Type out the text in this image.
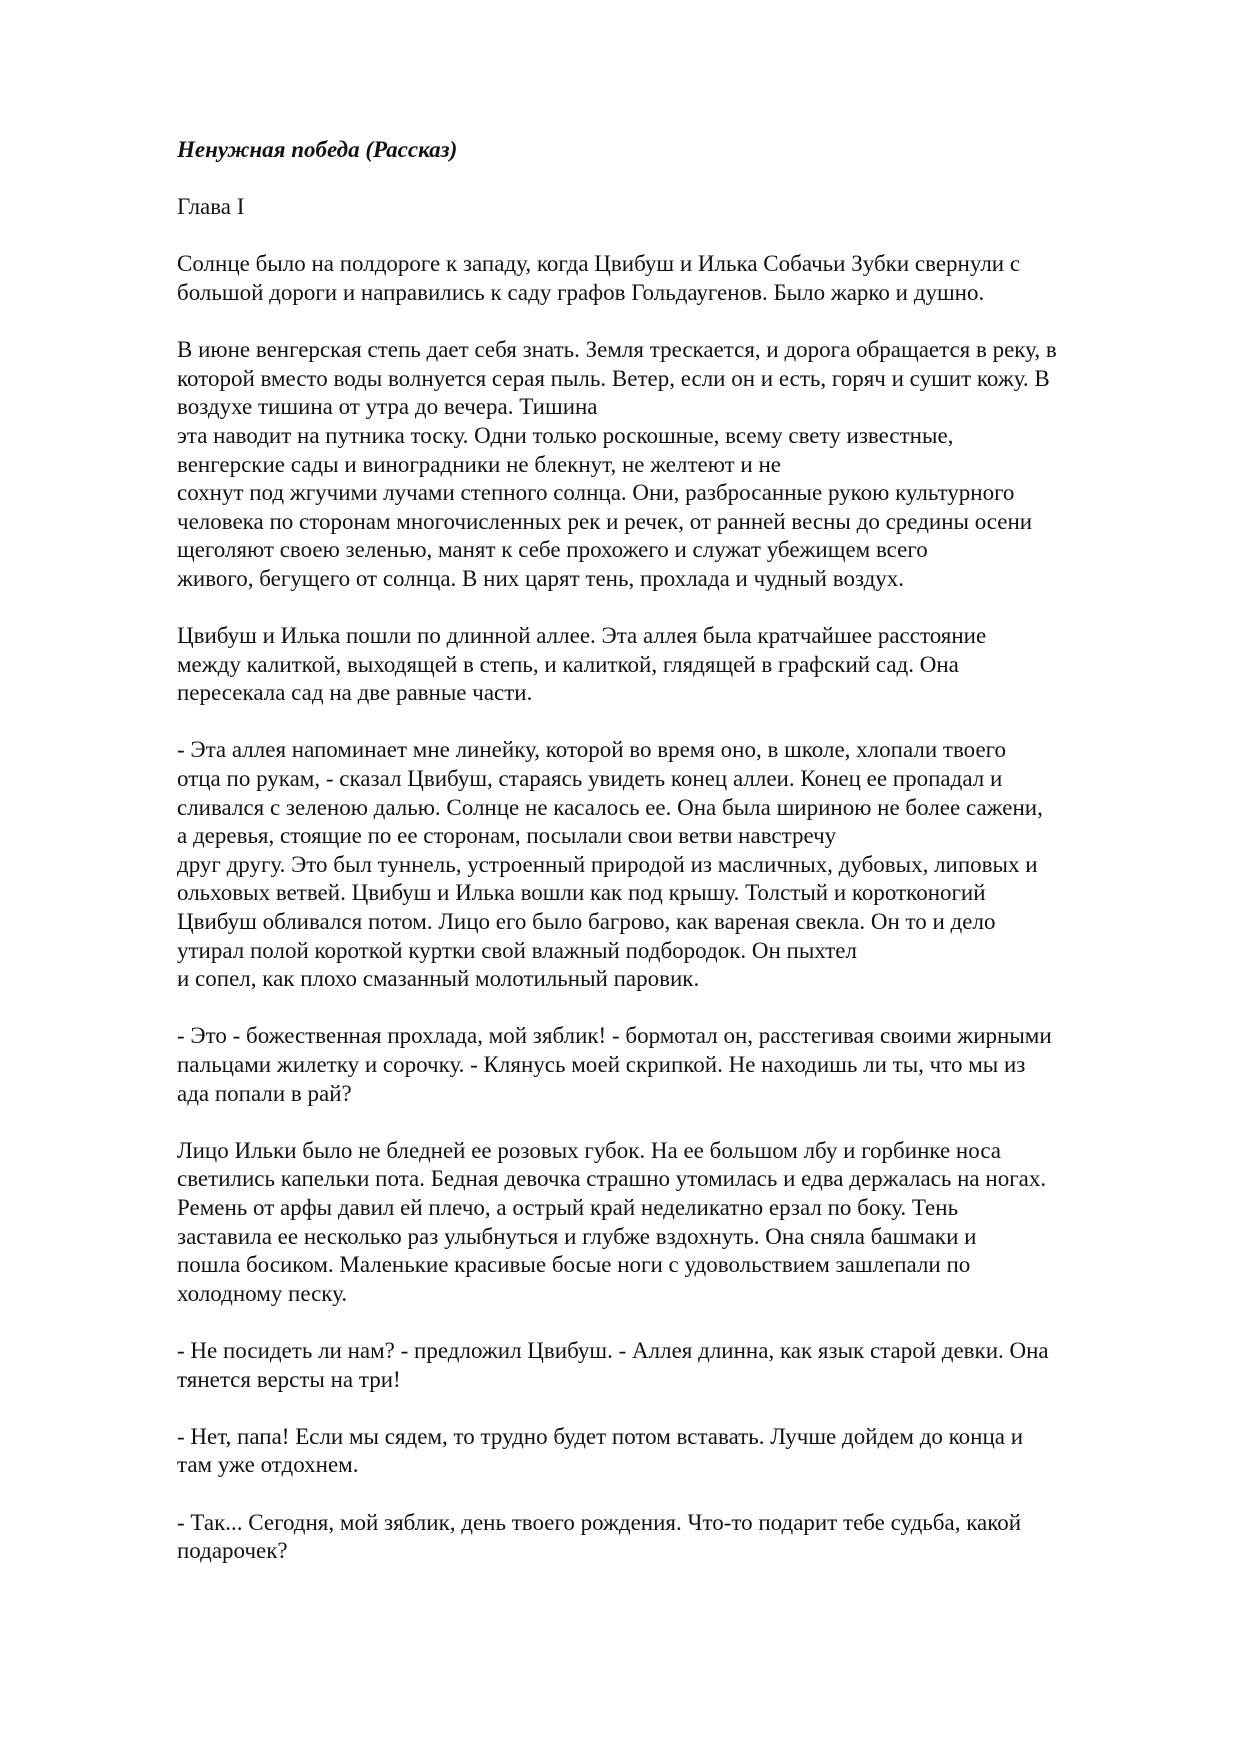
Ненужная победа (Рассказ)
Глава I
Солнце было на полдороге к западу, когда Цвибуш и Илька Собачьи Зубки свернули с
большой дороги и направились к саду графов Гольдаугенов. Было жарко и душно.
В июне венгерская степь дает себя знать. Земля трескается, и дорога обращается в реку, в
которой вместо воды волнуется серая пыль. Ветер, если он и есть, горяч и сушит кожу. В
воздухе тишина от утра до вечера. Тишина
эта наводит на путника тоску. Одни только роскошные, всему свету известные,
венгерские сады и виноградники не блекнут, не желтеют и не
сохнут под жгучими лучами степного солнца. Они, разбросанные рукою культурного
человека по сторонам многочисленных рек и речек, от ранней весны до средины осени
щеголяют своею зеленью, манят к себе прохожего и служат убежищем всего
живого, бегущего от солнца. В них царят тень, прохлада и чудный воздух.
Цвибуш и Илька пошли по длинной аллее. Эта аллея была кратчайшее расстояние
между калиткой, выходящей в степь, и калиткой, глядящей в графский сад. Она
пересекала сад на две равные части.
- Эта аллея напоминает мне линейку, которой во время оно, в школе, хлопали твоего
отца по рукам, - сказал Цвибуш, стараясь увидеть конец аллеи. Конец ее пропадал и
сливался с зеленою далью. Солнце не касалось ее. Она была шириною не более сажени,
а деревья, стоящие по ее сторонам, посылали свои ветви навстречу
друг другу. Это был туннель, устроенный природой из масличных, дубовых, липовых и
ольховых ветвей. Цвибуш и Илька вошли как под крышу. Толстый и коротконогий
Цвибуш обливался потом. Лицо его было багрово, как вареная свекла. Он то и дело
утирал полой короткой куртки свой влажный подбородок. Он пыхтел
и сопел, как плохо смазанный молотильный паровик.
- Это - божественная прохлада, мой зяблик! - бормотал он, расстегивая своими жирными
пальцами жилетку и сорочку. - Клянусь моей скрипкой. Не находишь ли ты, что мы из
ада попали в рай?
Лицо Ильки было не бледней ее розовых губок. На ее большом лбу и горбинке носа
светились капельки пота. Бедная девочка страшно утомилась и едва держалась на ногах.
Ремень от арфы давил ей плечо, а острый край неделикатно ерзал по боку. Тень
заставила ее несколько раз улыбнуться и глубже вздохнуть. Она сняла башмаки и
пошла босиком. Маленькие красивые босые ноги с удовольствием зашлепали по
холодному песку.
- Не посидеть ли нам? - предложил Цвибуш. - Аллея длинна, как язык старой девки. Она
тянется версты на три!
- Нет, папа! Если мы сядем, то трудно будет потом вставать. Лучше дойдем до конца и
там уже отдохнем.
- Так... Сегодня, мой зяблик, день твоего рождения. Что-то подарит тебе судьба, какой
подарочек?
